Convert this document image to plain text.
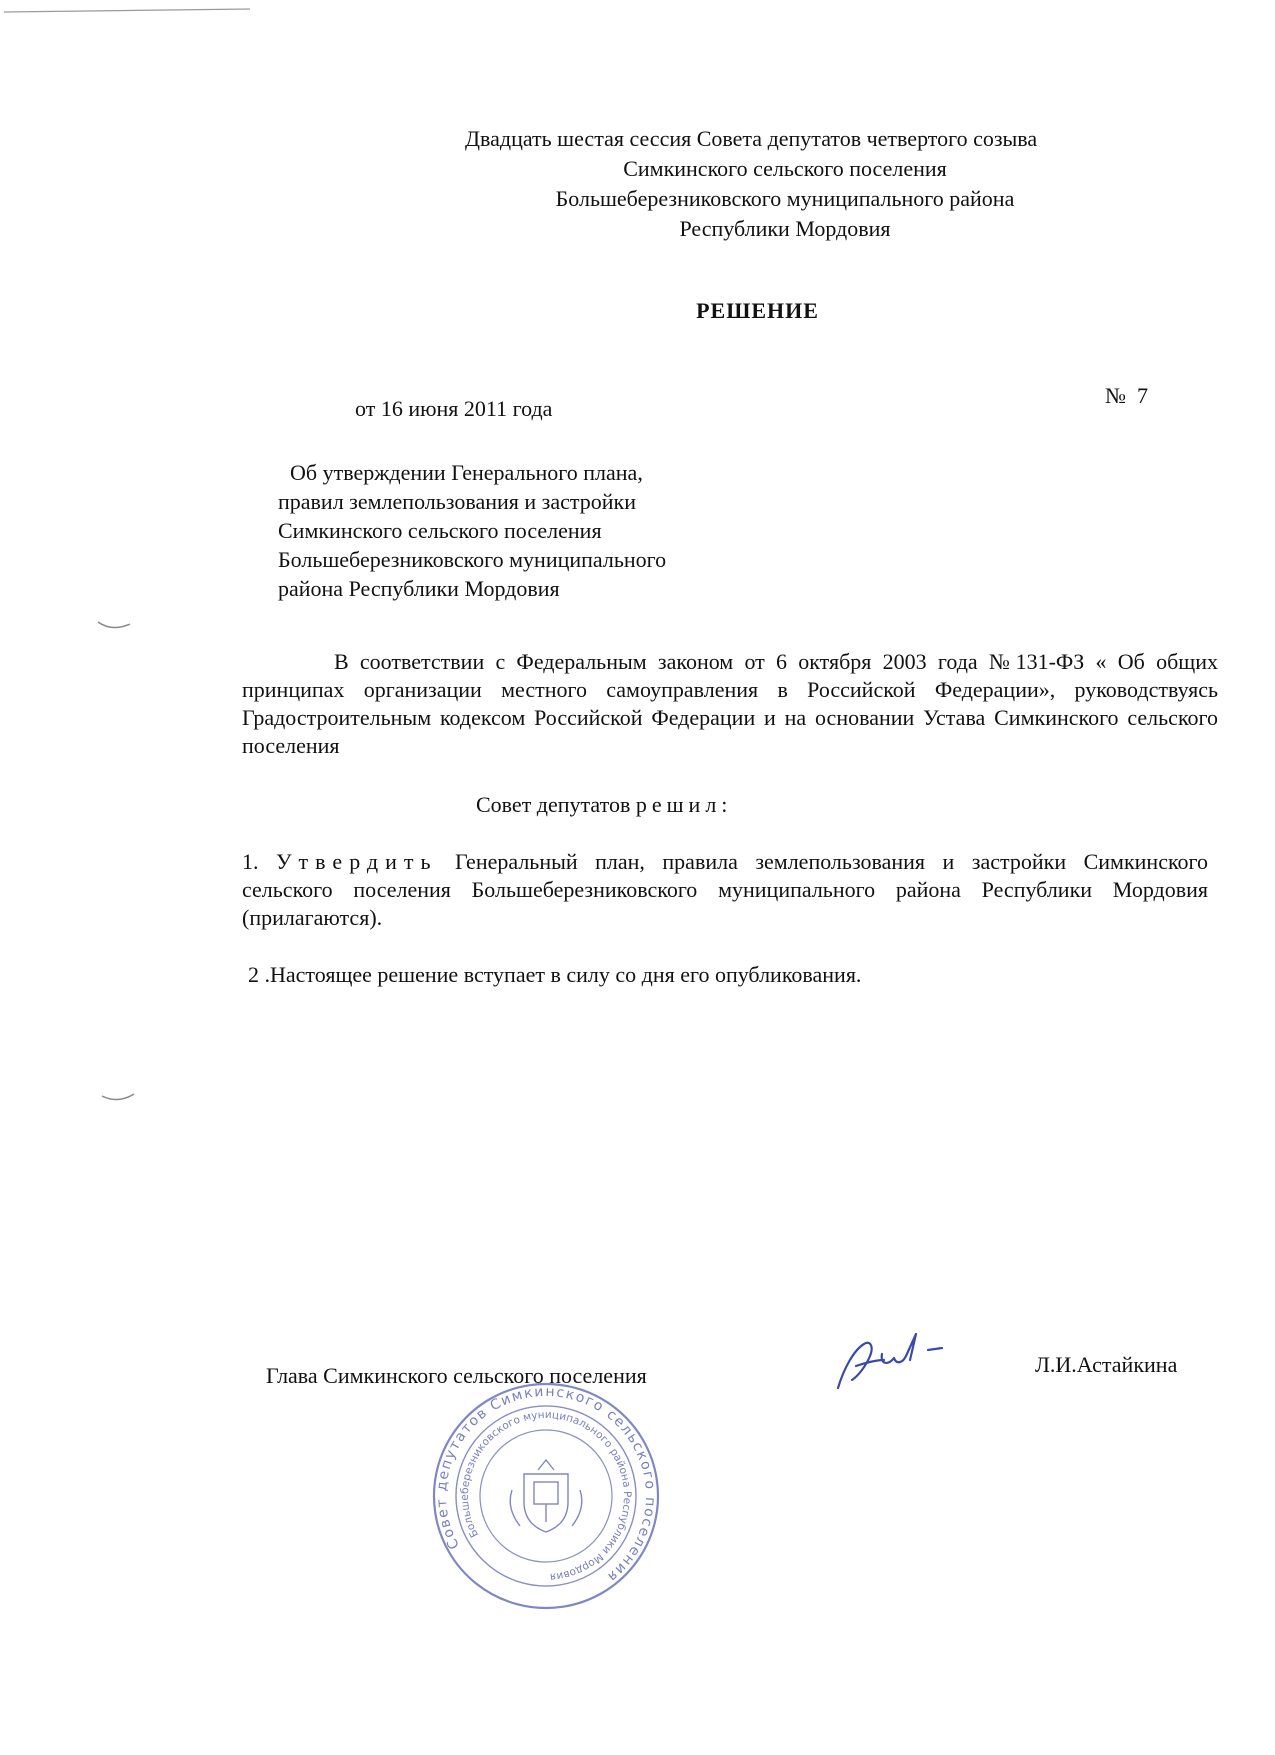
Двадцать шестая сессия Совета депутатов четвертого созыва
Симкинского сельского поселения
Большеберезниковского муниципального района
Республики Мордовия
РЕШЕНИЕ
от 16 июня 2011 года
№  7
Об утверждении Генерального плана,
правил землепользования и застройки
Симкинского сельского поселения
Большеберезниковского муниципального
района Республики Мордовия
В соответствии с Федеральным законом от 6 октября 2003 года №131-ФЗ « Об общих принципах организации местного самоуправления в Российской Федерации», руководствуясь Градостроительным кодексом Российской Федерации и на основании Устава Симкинского сельского поселения
Совет депутатов решил:
1. Утвердить Генеральный план, правила землепользования и застройки Симкинского сельского поселения Большеберезниковского муниципального района Республики Мордовия (прилагаются).
2 .Настоящее решение вступает в силу со дня его опубликования.
Глава Симкинского сельского поселения	Л.И.Астайкина
Совет депутатов Симкинского сельского поселения
Большеберезниковского муниципального района Республики Мордовия
